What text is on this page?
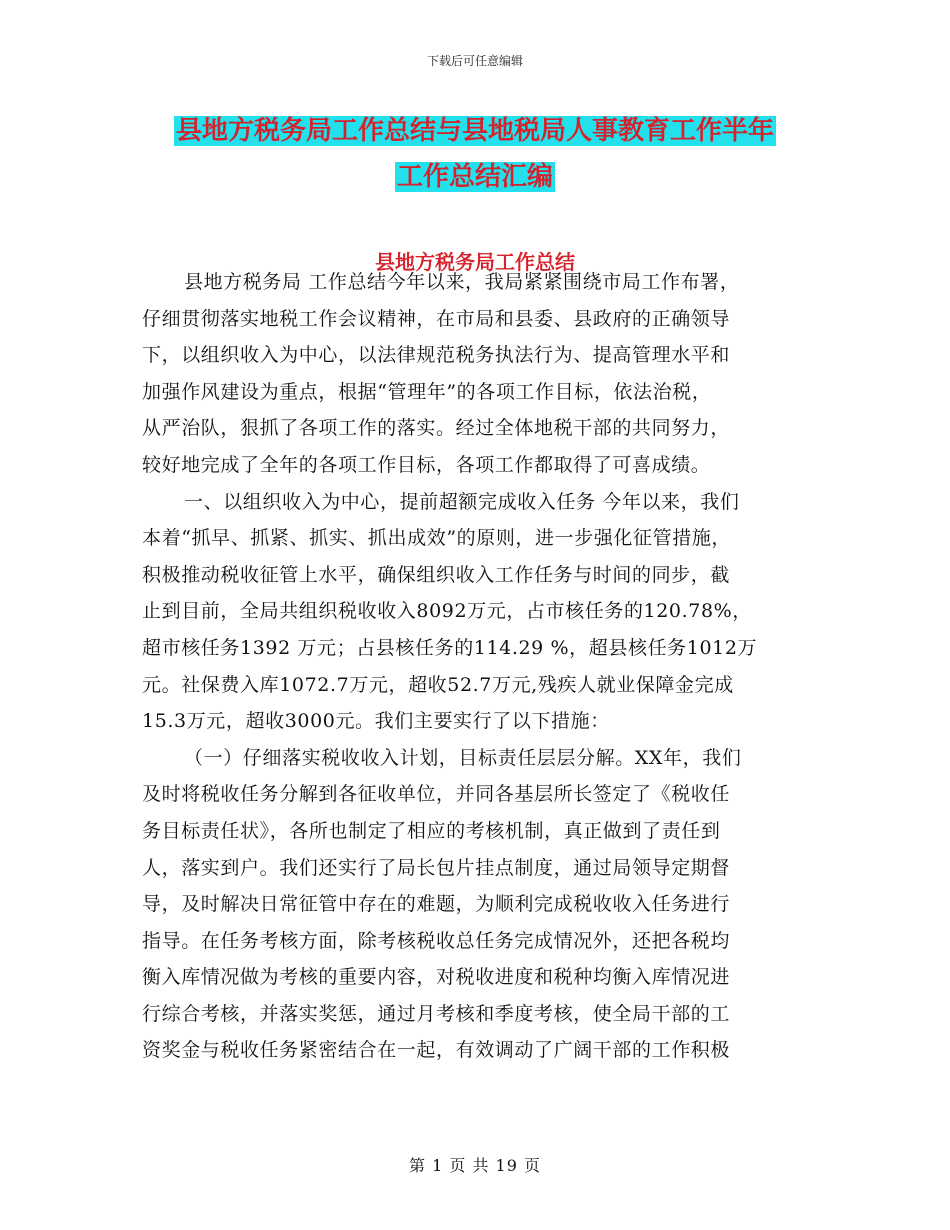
下载后可任意编辑
县地方税务局工作总结与县地税局人事教育工作半年
工作总结汇编
县地方税务局工作总结
县地方税务局 工作总结今年以来，我局紧紧围绕市局工作布署，
仔细贯彻落实地税工作会议精神，在市局和县委、县政府的正确领导
下，以组织收入为中心，以法律规范税务执法行为、提高管理水平和
加强作风建设为重点，根据“管理年”的各项工作目标，依法治税，
从严治队，狠抓了各项工作的落实。经过全体地税干部的共同努力，
较好地完成了全年的各项工作目标，各项工作都取得了可喜成绩。
一、以组织收入为中心，提前超额完成收入任务 今年以来，我们
本着“抓早、抓紧、抓实、抓出成效”的原则，进一步强化征管措施，
积极推动税收征管上水平，确保组织收入工作任务与时间的同步，截
止到目前，全局共组织税收收入8092万元，占市核任务的120.78%，
超市核任务1392 万元；占县核任务的114.29 %，超县核任务1012万
元。社保费入库1072.7万元，超收52.7万元,残疾人就业保障金完成
15.3万元，超收3000元。我们主要实行了以下措施：
（一）仔细落实税收收入计划，目标责任层层分解。XX年，我们
及时将税收任务分解到各征收单位，并同各基层所长签定了《税收任
务目标责任状》，各所也制定了相应的考核机制，真正做到了责任到
人，落实到户。我们还实行了局长包片挂点制度，通过局领导定期督
导，及时解决日常征管中存在的难题，为顺利完成税收收入任务进行
指导。在任务考核方面，除考核税收总任务完成情况外，还把各税均
衡入库情况做为考核的重要内容，对税收进度和税种均衡入库情况进
行综合考核，并落实奖惩，通过月考核和季度考核，使全局干部的工
资奖金与税收任务紧密结合在一起，有效调动了广阔干部的工作积极
第 1 页 共 19 页
